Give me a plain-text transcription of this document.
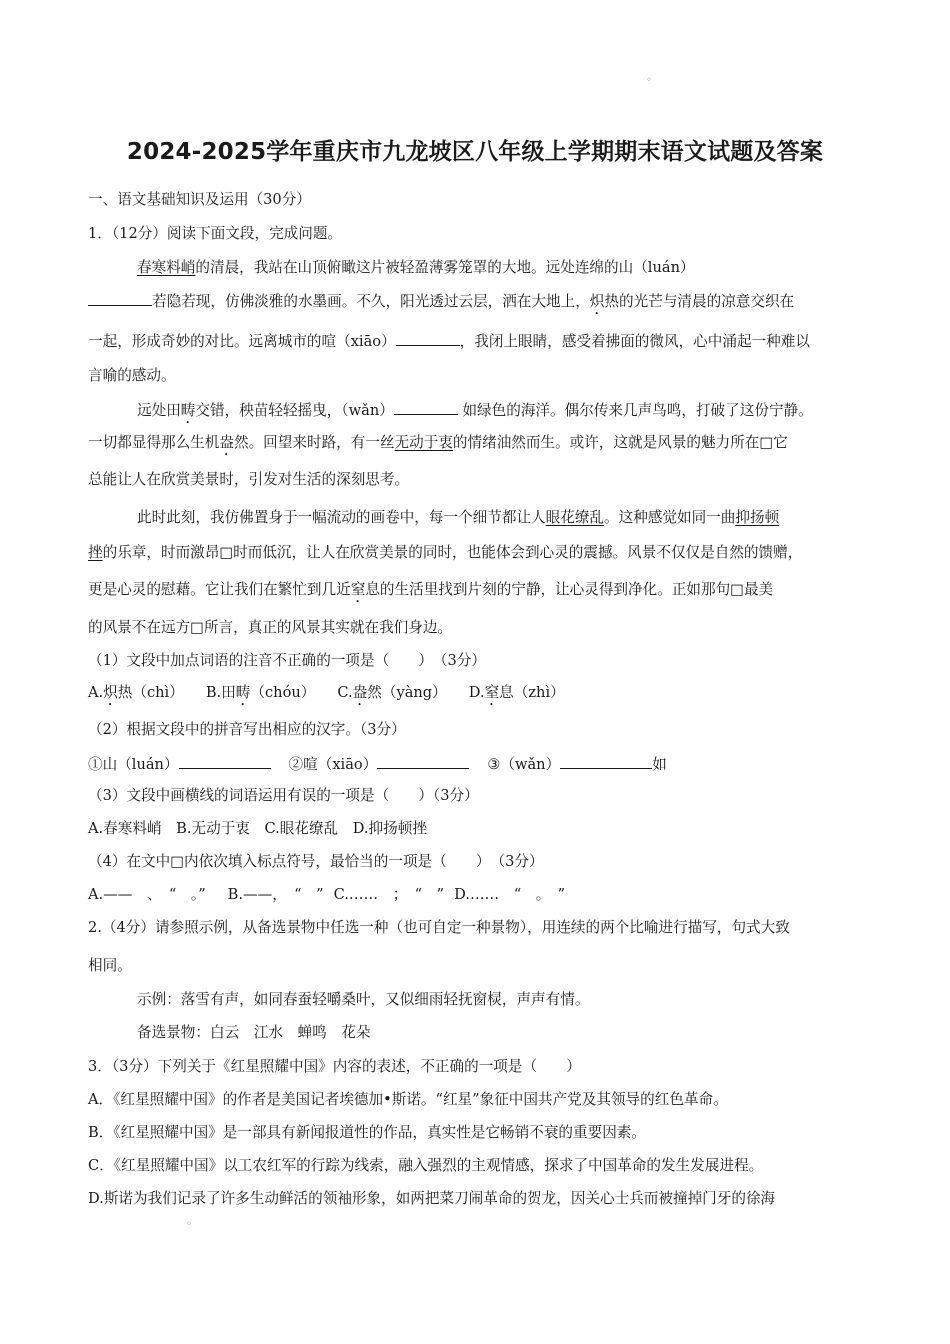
◦
2024-2025学年重庆市九龙坡区八年级上学期期末语文试题及答案
一、语文基础知识及运用（30分）
1．（12分）阅读下面文段，完成问题。
春寒料峭的清晨，我站在山顶俯瞰这片被轻盈薄雾笼罩的大地。远处连绵的山（luán）
若隐若现，仿佛淡雅的水墨画。不久，阳光透过云层，洒在大地上，炽热的光芒与清晨的凉意交织在
一起，形成奇妙的对比。远离城市的喧（xiāo）	，我闭上眼睛，感受着拂面的微风，心中涌起一种难以
言喻的感动。
远处田畴交错，秧苗轻轻摇曳，（wǎn）	如绿色的海洋。偶尔传来几声鸟鸣，打破了这份宁静。
一切都显得那么生机盎然。回望来时路，有一丝无动于衷的情绪油然而生。或许，这就是风景的魅力所在□它
总能让人在欣赏美景时，引发对生活的深刻思考。
此时此刻，我仿佛置身于一幅流动的画卷中，每一个细节都让人眼花缭乱。这种感觉如同一曲抑扬顿
挫的乐章，时而激昂□时而低沉，让人在欣赏美景的同时，也能体会到心灵的震撼。风景不仅仅是自然的馈赠，
更是心灵的慰藉。它让我们在繁忙到几近窒息的生活里找到片刻的宁静，让心灵得到净化。正如那句□最美
的风景不在远方□所言，真正的风景其实就在我们身边。
（1）文段中加点词语的注音不正确的一项是（　　）　（3分）
A.炽热（chì） B.田畴（chóu） C.盎然（yàng） D.窒息（zhì）
（2）根据文段中的拼音写出相应的汉字。（3分）
①山（luán）	②喧（xiāo）	③（wǎn）	如
（3）文段中画横线的词语运用有误的一项是（　　）（3分）
A.春寒料峭　B.无动于衷　C.眼花缭乱　D.抑扬顿挫
（4）在文中□内依次填入标点符号，最恰当的一项是（　　）　（3分）
A.——　、　“　。” B.——，　“　” C.……　；　“　” D.……　“　。　”
2.（4分）请参照示例，从备选景物中任选一种（也可自定一种景物），用连续的两个比喻进行描写，句式大致
相同。
示例：落雪有声，如同春蚕轻嚼桑叶，又似细雨轻抚窗棂，声声有情。
备选景物：白云　江水　蝉鸣　花朵
3．（3分）下列关于《红星照耀中国》内容的表述，不正确的一项是（　　）
A．《红星照耀中国》的作者是美国记者埃德加•斯诺。“红星”象征中国共产党及其领导的红色革命。
B．《红星照耀中国》是一部具有新闻报道性的作品，真实性是它畅销不衰的重要因素。
C．《红星照耀中国》以工农红军的行踪为线索，融入强烈的主观情感，探求了中国革命的发生发展进程。
D.斯诺为我们记录了许多生动鲜活的领袖形象，如两把菜刀闹革命的贺龙，因关心士兵而被撞掉门牙的徐海
◦
